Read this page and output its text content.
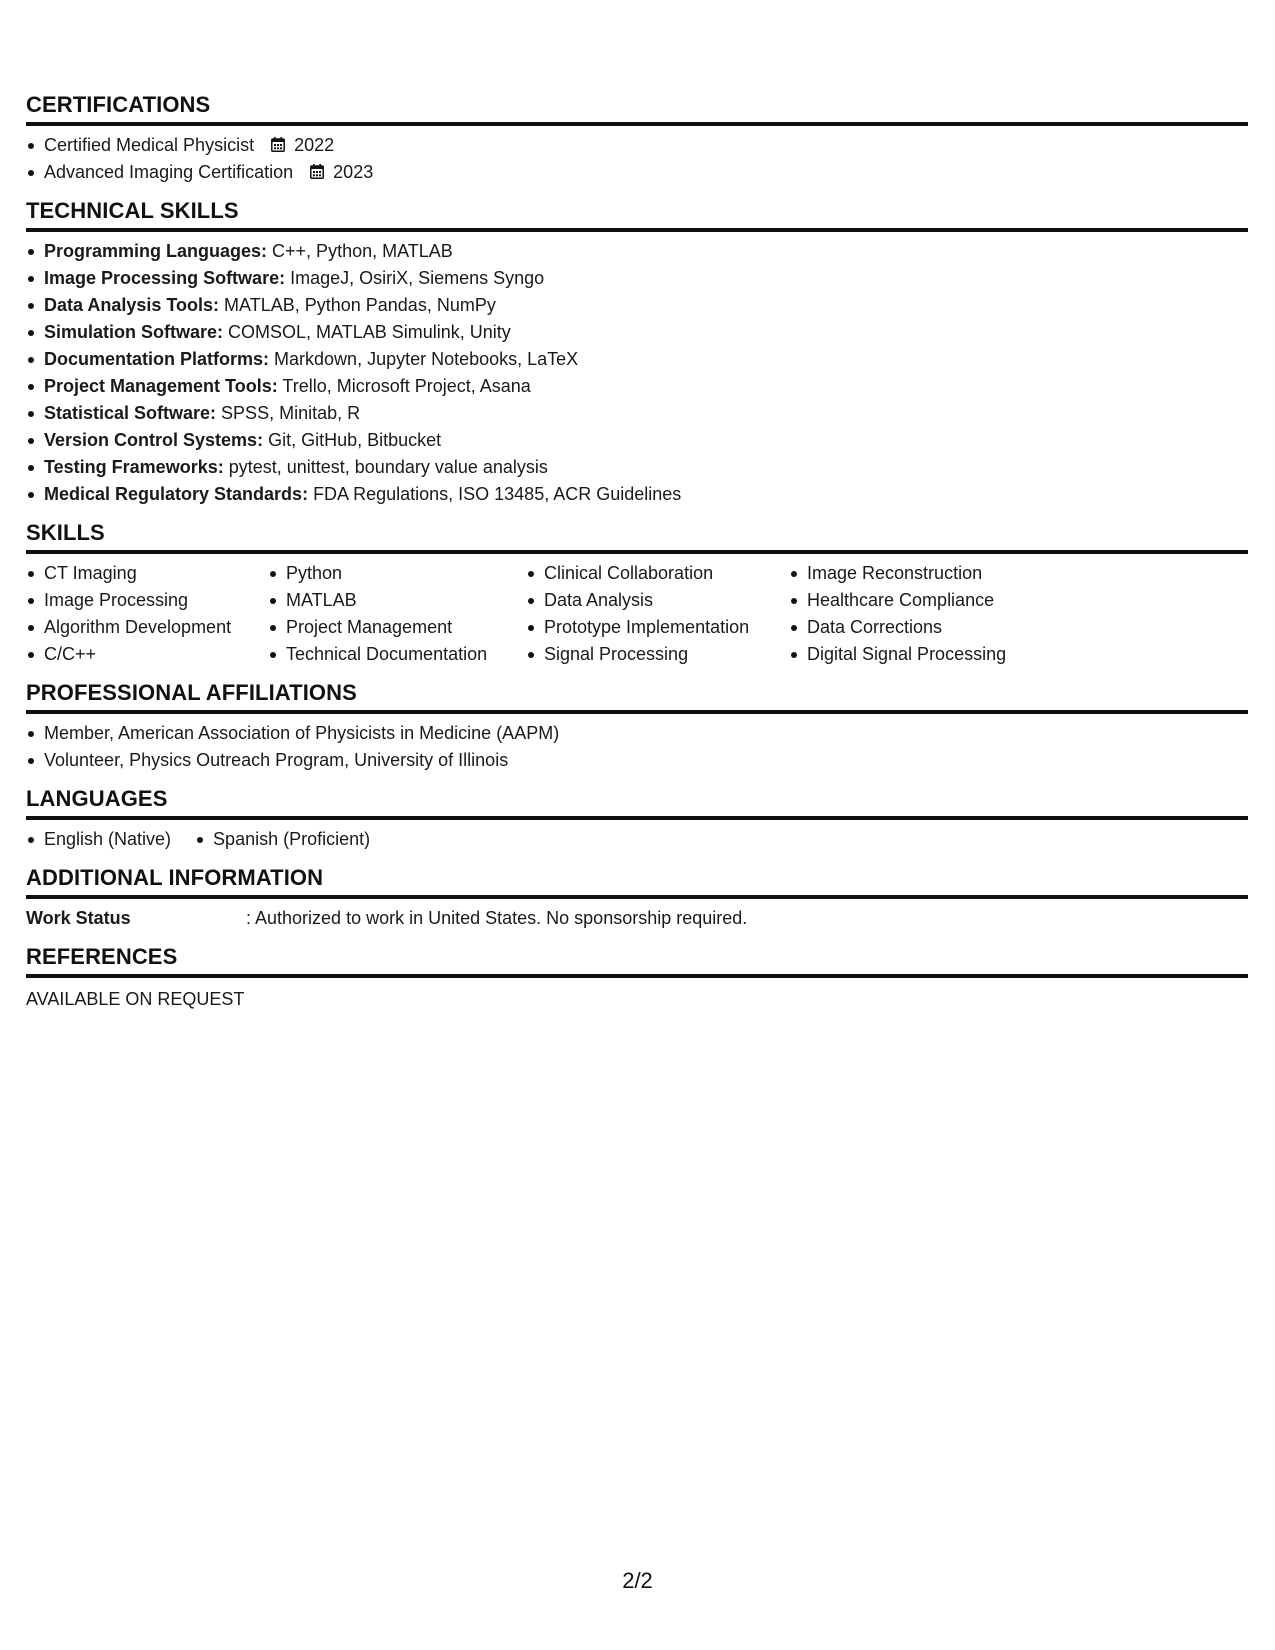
CERTIFICATIONS
Certified Medical Physicist 2022
Advanced Imaging Certification 2023
TECHNICAL SKILLS
Programming Languages: C++, Python, MATLAB
Image Processing Software: ImageJ, OsiriX, Siemens Syngo
Data Analysis Tools: MATLAB, Python Pandas, NumPy
Simulation Software: COMSOL, MATLAB Simulink, Unity
Documentation Platforms: Markdown, Jupyter Notebooks, LaTeX
Project Management Tools: Trello, Microsoft Project, Asana
Statistical Software: SPSS, Minitab, R
Version Control Systems: Git, GitHub, Bitbucket
Testing Frameworks: pytest, unittest, boundary value analysis
Medical Regulatory Standards: FDA Regulations, ISO 13485, ACR Guidelines
SKILLS
CT Imaging
Image Processing
Algorithm Development
C/C++
Python
MATLAB
Project Management
Technical Documentation
Clinical Collaboration
Data Analysis
Prototype Implementation
Signal Processing
Image Reconstruction
Healthcare Compliance
Data Corrections
Digital Signal Processing
PROFESSIONAL AFFILIATIONS
Member, American Association of Physicists in Medicine (AAPM)
Volunteer, Physics Outreach Program, University of Illinois
LANGUAGES
English (Native)	Spanish (Proficient)
ADDITIONAL INFORMATION
Work Status	: Authorized to work in United States. No sponsorship required.
REFERENCES
AVAILABLE ON REQUEST
2/2
